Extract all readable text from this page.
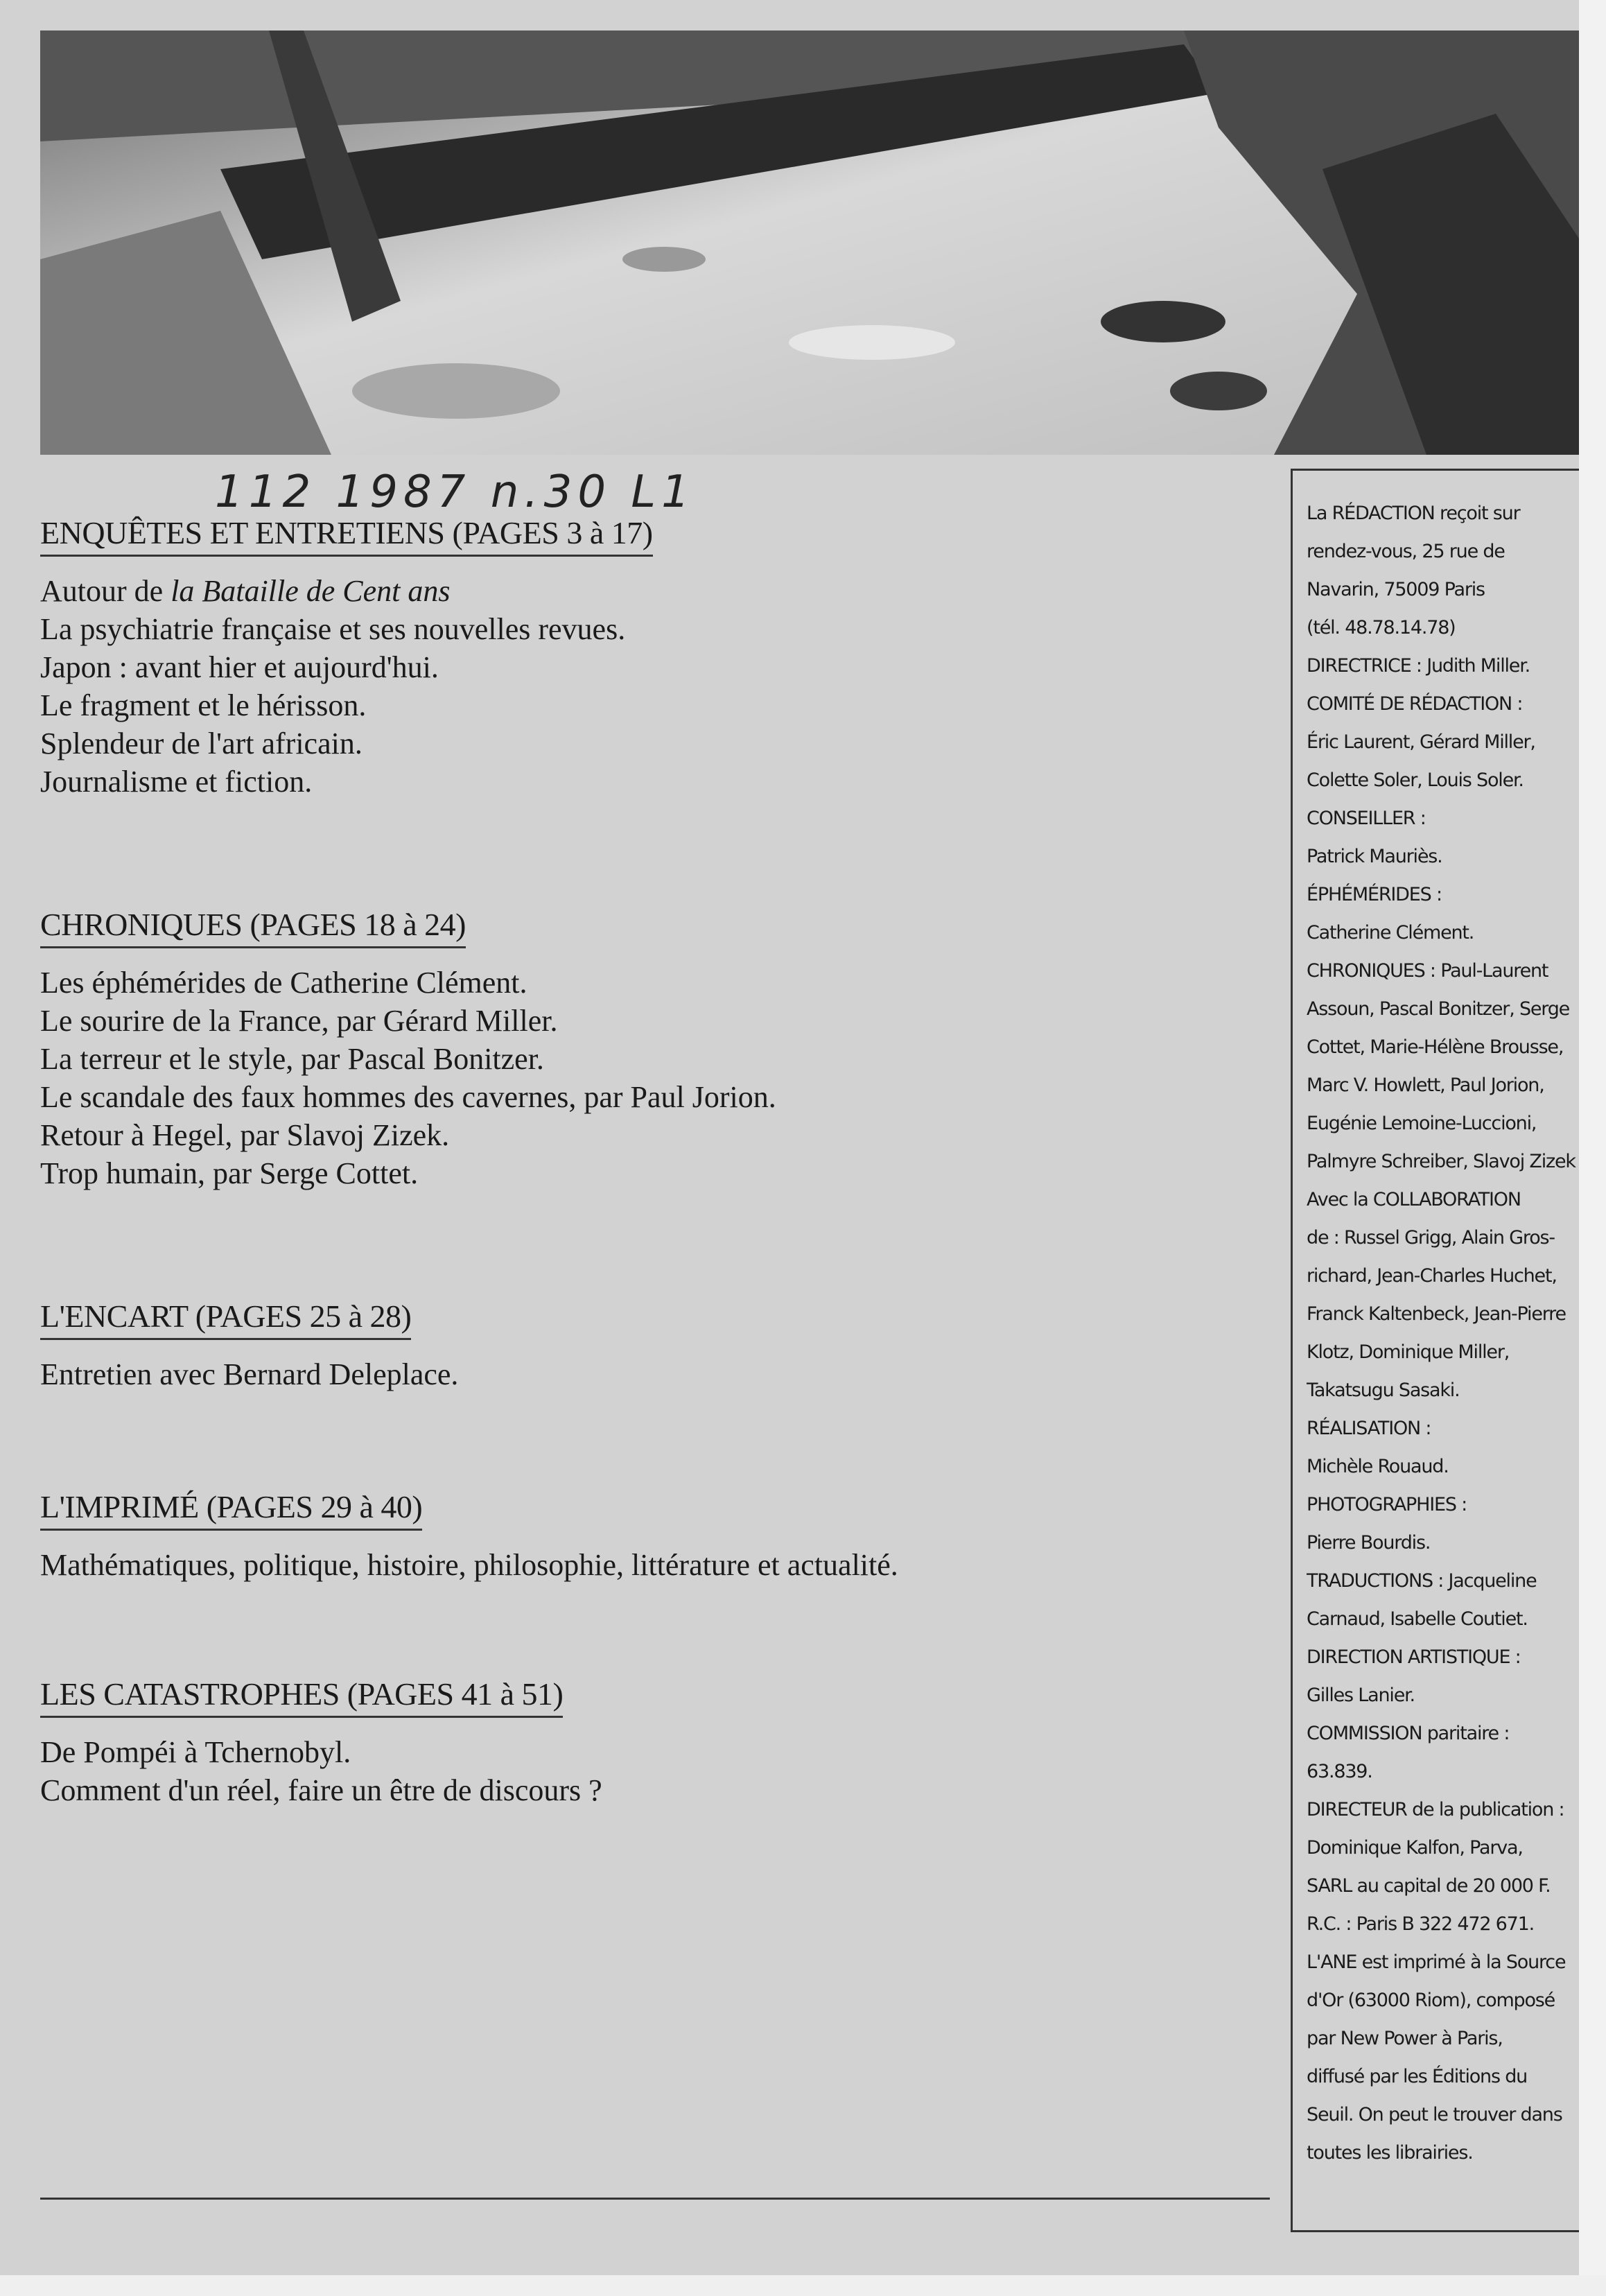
112 1987 n.30 L1
ENQUÊTES ET ENTRETIENS (PAGES 3 à 17)
Autour de la Bataille de Cent ans
La psychiatrie française et ses nouvelles revues.
Japon : avant hier et aujourd'hui.
Le fragment et le hérisson.
Splendeur de l'art africain.
Journalisme et fiction.
CHRONIQUES (PAGES 18 à 24)
Les éphémérides de Catherine Clément.
Le sourire de la France, par Gérard Miller.
La terreur et le style, par Pascal Bonitzer.
Le scandale des faux hommes des cavernes, par Paul Jorion.
Retour à Hegel, par Slavoj Zizek.
Trop humain, par Serge Cottet.
L'ENCART (PAGES 25 à 28)
Entretien avec Bernard Deleplace.
L'IMPRIMÉ (PAGES 29 à 40)
Mathématiques, politique, histoire, philosophie, littérature et actualité.
LES CATASTROPHES (PAGES 41 à 51)
De Pompéi à Tchernobyl.
Comment d'un réel, faire un être de discours ?
La RÉDACTION reçoit sur
rendez-vous, 25 rue de
Navarin, 75009 Paris
(tél. 48.78.14.78)
DIRECTRICE : Judith Miller.
COMITÉ DE RÉDACTION :
Éric Laurent, Gérard Miller,
Colette Soler, Louis Soler.
CONSEILLER :
Patrick Mauriès.
ÉPHÉMÉRIDES :
Catherine Clément.
CHRONIQUES : Paul-Laurent
Assoun, Pascal Bonitzer, Serge
Cottet, Marie-Hélène Brousse,
Marc V. Howlett, Paul Jorion,
Eugénie Lemoine-Luccioni,
Palmyre Schreiber, Slavoj Zizek
Avec la COLLABORATION
de : Russel Grigg, Alain Gros-
richard, Jean-Charles Huchet,
Franck Kaltenbeck, Jean-Pierre
Klotz, Dominique Miller,
Takatsugu Sasaki.
RÉALISATION :
Michèle Rouaud.
PHOTOGRAPHIES :
Pierre Bourdis.
TRADUCTIONS : Jacqueline
Carnaud, Isabelle Coutiet.
DIRECTION ARTISTIQUE :
Gilles Lanier.
COMMISSION paritaire :
63.839.
DIRECTEUR de la publication :
Dominique Kalfon, Parva,
SARL au capital de 20 000 F.
R.C. : Paris B 322 472 671.
L'ANE est imprimé à la Source
d'Or (63000 Riom), composé
par New Power à Paris,
diffusé par les Éditions du
Seuil. On peut le trouver dans
toutes les librairies.
